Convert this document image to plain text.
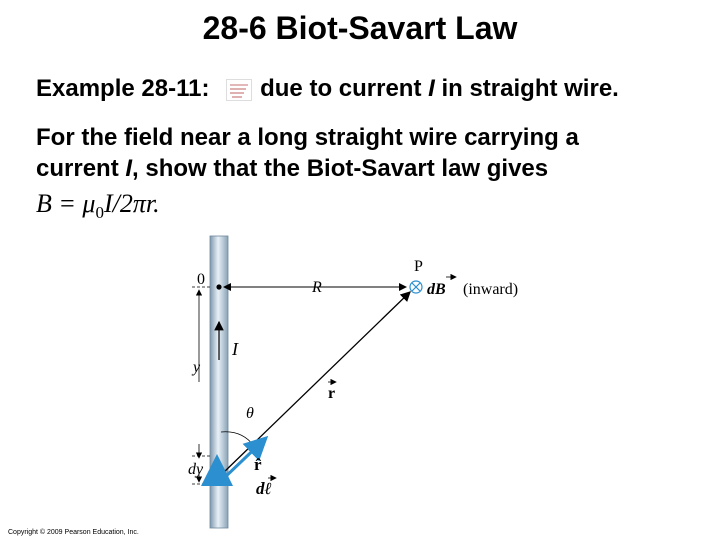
28-6 Biot-Savart Law
Example 28-11: due to current I in straight wire.
For the field near a long straight wire carrying a
current I, show that the Biot-Savart law gives
$B = \mu_0I/2\pi r$.
0	R
P
dB (inward)
I
y
r
θ
dy	r̂
dℓ
Copyright © 2009 Pearson Education, Inc.
